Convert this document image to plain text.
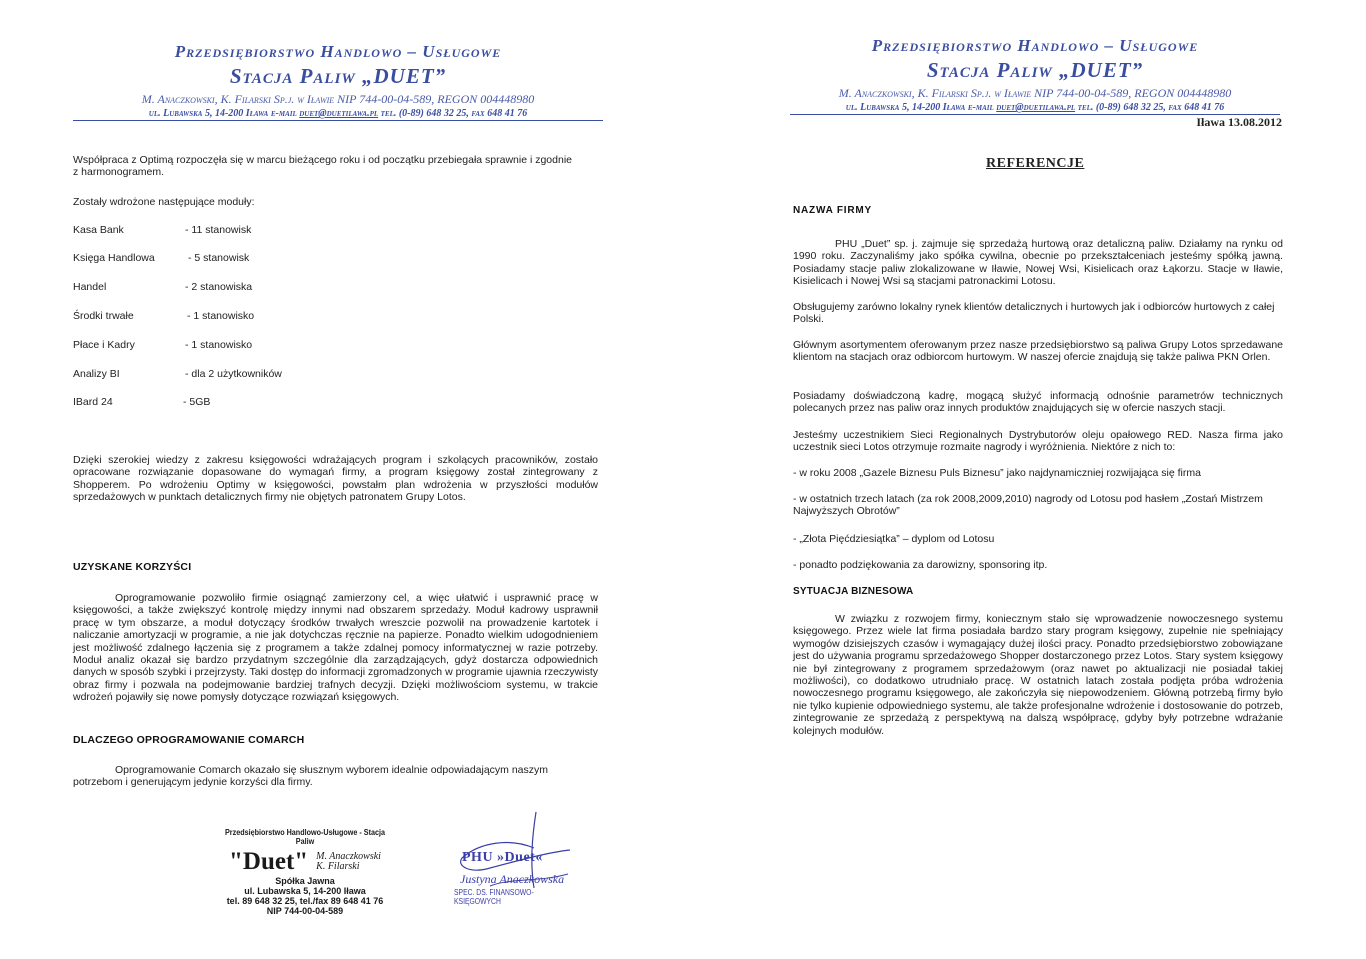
Przedsiębiorstwo Handlowo – Usługowe
Stacja Paliw „DUET”
M. Anaczkowski, K. Filarski Sp.j. w Iławie NIP 744-00-04-589, REGON 004448980
ul. Lubawska 5, 14-200 Iława e-mail duet@duetilawa.pl tel. (0-89) 648 32 25, fax 648 41 76
Współpraca z Optimą rozpoczęła się w marcu bieżącego roku i od początku przebiegała sprawnie i zgodnie z harmonogramem.
Zostały wdrożone następujące moduły:
Kasa Bank	- 11 stanowisk
Księga Handlowa	- 5 stanowisk
Handel	- 2 stanowiska
Środki trwałe	- 1 stanowisko
Płace i Kadry	- 1 stanowisko
Analizy BI	- dla 2 użytkowników
IBard 24	- 5GB
Dzięki szerokiej wiedzy z zakresu księgowości wdrażających program i szkolących pracowników, zostało opracowane rozwiązanie dopasowane do wymagań firmy, a program księgowy został zintegrowany z Shopperem. Po wdrożeniu Optimy w księgowości, powstałm plan wdrożenia w przyszłości modułów sprzedażowych w punktach detalicznych firmy nie objętych patronatem Grupy Lotos.
UZYSKANE KORZYŚCI
Oprogramowanie pozwoliło firmie osiągnąć zamierzony cel, a więc ułatwić i usprawnić pracę w księgowości, a także zwiększyć kontrolę między innymi nad obszarem sprzedaży. Moduł kadrowy usprawnił pracę w tym obszarze, a moduł dotyczący środków trwałych wreszcie pozwolił na prowadzenie kartotek i naliczanie amortyzacji w programie, a nie jak dotychczas ręcznie na papierze. Ponadto wielkim udogodnieniem jest możliwość zdalnego łączenia się z programem a także zdalnej pomocy informatycznej w razie potrzeby. Moduł analiz okazał się bardzo przydatnym szczególnie dla zarządzających, gdyż dostarcza odpowiednich danych w sposób szybki i przejrzysty. Taki dostęp do informacji zgromadzonych w programie ujawnia rzeczywisty obraz firmy i pozwala na podejmowanie bardziej trafnych decyzji. Dzięki możliwościom systemu, w trakcie wdrożeń pojawiły się nowe pomysły dotyczące rozwiązań księgowych.
DLACZEGO OPROGRAMOWANIE COMARCH
Oprogramowanie Comarch okazało się słusznym wyborem idealnie odpowiadającym naszym potrzebom i generującym jedynie korzyści dla firmy.
Przedsiębiorstwo Handlowo-Usługowe - Stacja Paliw
"Duet" M. Anaczkowski
K. Filarski
Spółka Jawna
ul. Lubawska 5, 14-200 Iława
tel. 89 648 32 25, tel./fax 89 648 41 76
NIP 744-00-04-589
PHU »Duet«
Justyna Anaczkowska
SPEC. DS. FINANSOWO-KSIĘGOWYCH
Przedsiębiorstwo Handlowo – Usługowe
Stacja Paliw „DUET”
M. Anaczkowski, K. Filarski Sp.j. w Iławie NIP 744-00-04-589, REGON 004448980
ul. Lubawska 5, 14-200 Iława e-mail duet@duetilawa.pl tel. (0-89) 648 32 25, fax 648 41 76
Iława 13.08.2012
REFERENCJE
NAZWA FIRMY
PHU „Duet” sp. j. zajmuje się sprzedażą hurtową oraz detaliczną paliw. Działamy na rynku od 1990 roku. Zaczynaliśmy jako spółka cywilna, obecnie po przekształceniach jesteśmy spółką jawną. Posiadamy stacje paliw zlokalizowane w Iławie, Nowej Wsi, Kisielicach oraz Łąkorzu. Stacje w Iławie, Kisielicach i Nowej Wsi są stacjami patronackimi Lotosu.
Obsługujemy zarówno lokalny rynek klientów detalicznych i hurtowych jak i odbiorców hurtowych z całej Polski.
Głównym asortymentem oferowanym przez nasze przedsiębiorstwo są paliwa Grupy Lotos sprzedawane klientom na stacjach oraz odbiorcom hurtowym. W naszej ofercie znajdują się także paliwa PKN Orlen.
Posiadamy doświadczoną kadrę, mogącą służyć informacją odnośnie parametrów technicznych polecanych przez nas paliw oraz innych produktów znajdujących się w ofercie naszych stacji.
Jesteśmy uczestnikiem Sieci Regionalnych Dystrybutorów oleju opałowego RED. Nasza firma jako uczestnik sieci Lotos otrzymuje rozmaite nagrody i wyróżnienia. Niektóre z nich to:
- w roku 2008 „Gazele Biznesu Puls Biznesu” jako najdynamiczniej rozwijająca się firma
- w ostatnich trzech latach (za rok 2008,2009,2010) nagrody od Lotosu pod hasłem „Zostań Mistrzem Najwyższych Obrotów”
- „Złota Pięćdziesiątka” – dyplom od Lotosu
- ponadto podziękowania za darowizny, sponsoring itp.
SYTUACJA BIZNESOWA
W związku z rozwojem firmy, koniecznym stało się wprowadzenie nowoczesnego systemu księgowego. Przez wiele lat firma posiadała bardzo stary program księgowy, zupełnie nie spełniający wymogów dzisiejszych czasów i wymagający dużej ilości pracy. Ponadto przedsiębiorstwo zobowiązane jest do używania programu sprzedażowego Shopper dostarczonego przez Lotos. Stary system księgowy nie był zintegrowany z programem sprzedażowym (oraz nawet po aktualizacji nie posiadał takiej możliwości), co dodatkowo utrudniało pracę. W ostatnich latach została podjęta próba wdrożenia nowoczesnego programu księgowego, ale zakończyła się niepowodzeniem. Główną potrzebą firmy było nie tylko kupienie odpowiedniego systemu, ale także profesjonalne wdrożenie i dostosowanie do potrzeb, zintegrowanie ze sprzedażą z perspektywą na dalszą współpracę, gdyby były potrzebne wdrażanie kolejnych modułów.
